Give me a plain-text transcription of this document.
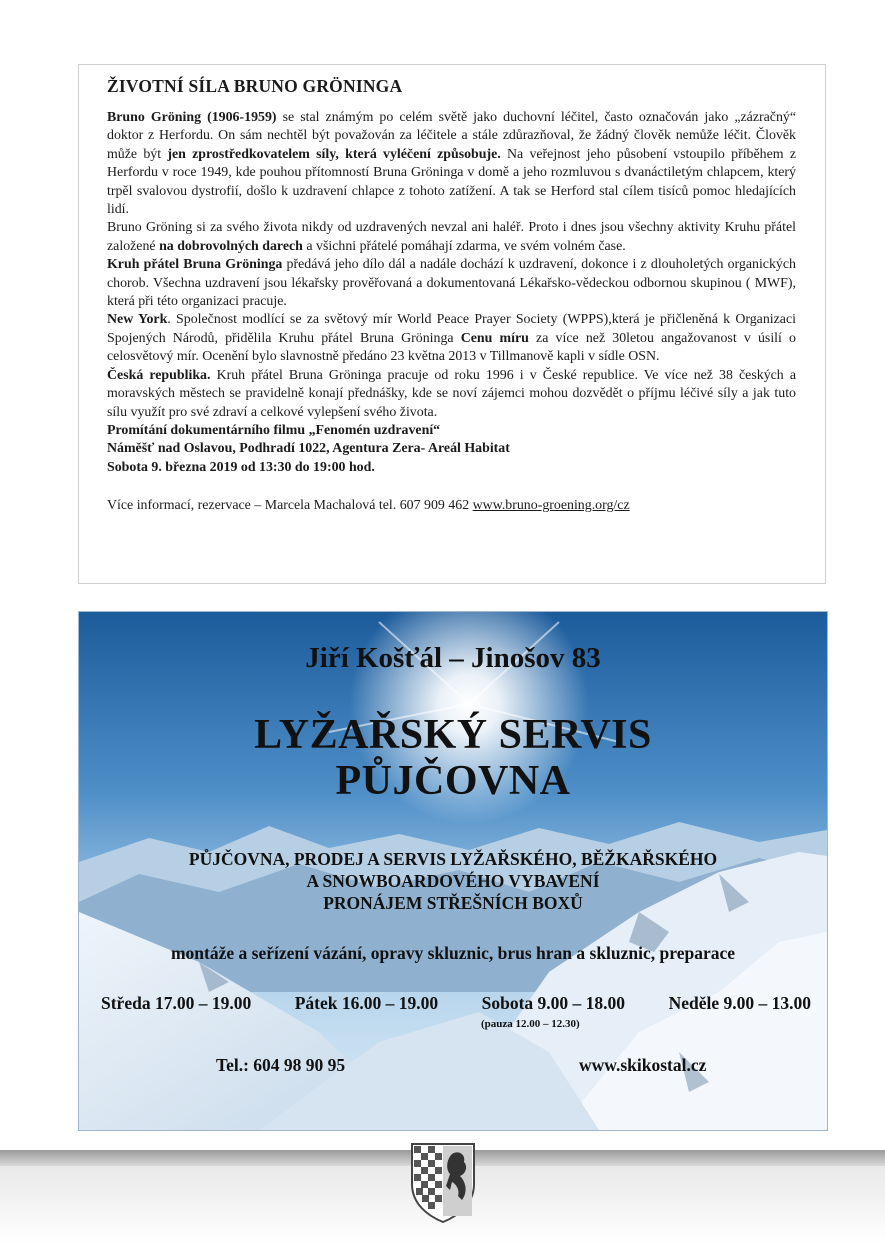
ŽIVOTNÍ SÍLA BRUNO GRÖNINGA

Bruno Gröning (1906-1959) se stal známým po celém světě jako duchovní léčitel, často označován jako „zázračný“ doktor z Herfordu. On sám nechtěl být považován za léčitele a stále zdůrazňoval, že žádný člověk nemůže léčit. Člověk může být jen zprostředkovatelem síly, která vyléčení způsobuje. Na veřejnost jeho působení vstoupilo příběhem z Herfordu v roce 1949, kde pouhou přítomností Bruna Gröninga v domě a jeho rozmluvou s dvanáctiletým chlapcem, který trpěl svalovou dystrofií, došlo k uzdravení chlapce z tohoto zatížení. A tak se Herford stal cílem tisíců pomoc hledajících lidí.

Bruno Gröning si za svého života nikdy od uzdravených nevzal ani haléř. Proto i dnes jsou všechny aktivity Kruhu přátel založené na dobrovolných darech a všichni přátelé pomáhají zdarma, ve svém volném čase.

Kruh přátel Bruna Gröninga předává jeho dílo dál a nadále dochází k uzdravení, dokonce i z dlouholetých organických chorob. Všechna uzdravení jsou lékařsky prověřovaná a dokumentovaná Lékařsko-vědeckou odbornou skupinou ( MWF), která při této organizaci pracuje.

New York. Společnost modlící se za světový mír World Peace Prayer Society (WPPS),která je přičleněná k Organizaci Spojených Národů, přidělila Kruhu přátel Bruna Gröninga Cenu míru za více než 30letou angažovanost v úsilí o celosvětový mír. Ocenění bylo slavnostně předáno 23 května 2013 v Tillmanově kapli v sídle OSN.

Česká republika. Kruh přátel Bruna Gröninga pracuje od roku 1996 i v České republice. Ve více než 38 českých a moravských městech se pravidelně konají přednášky, kde se noví zájemci mohou dozvědět o příjmu léčivé síly a jak tuto sílu využít pro své zdraví a celkové vylepšení svého života.

Promítání dokumentárního filmu „Fenomén uzdravení“

Náměšť nad Oslavou, Podhradí 1022, Agentura Zera- Areál Habitat

Sobota 9. března 2019 od 13:30 do 19:00 hod.

Více informací, rezervace – Marcela Machalová tel. 607 909 462 www.bruno-groening.org/cz

Jiří Košťál – Jinošov 83
LYŽAŘSKÝ SERVIS
PŮJČOVNA
PŮJČOVNA, PRODEJ A SERVIS LYŽAŘSKÉHO, BĚŽKAŘSKÉHO
A SNOWBOARDOVÉHO VYBAVENÍ
PRONÁJEM STŘEŠNÍCH BOXŮ
montáže a seřízení vázání, opravy skluznic, brus hran a skluznic, preparace
Středa 17.00 – 19.00 Pátek 16.00 – 19.00 Sobota 9.00 – 18.00 Neděle 9.00 – 13.00
(pauza 12.00 – 12.30)
Tel.: 604 98 90 95	www.skikostal.cz
